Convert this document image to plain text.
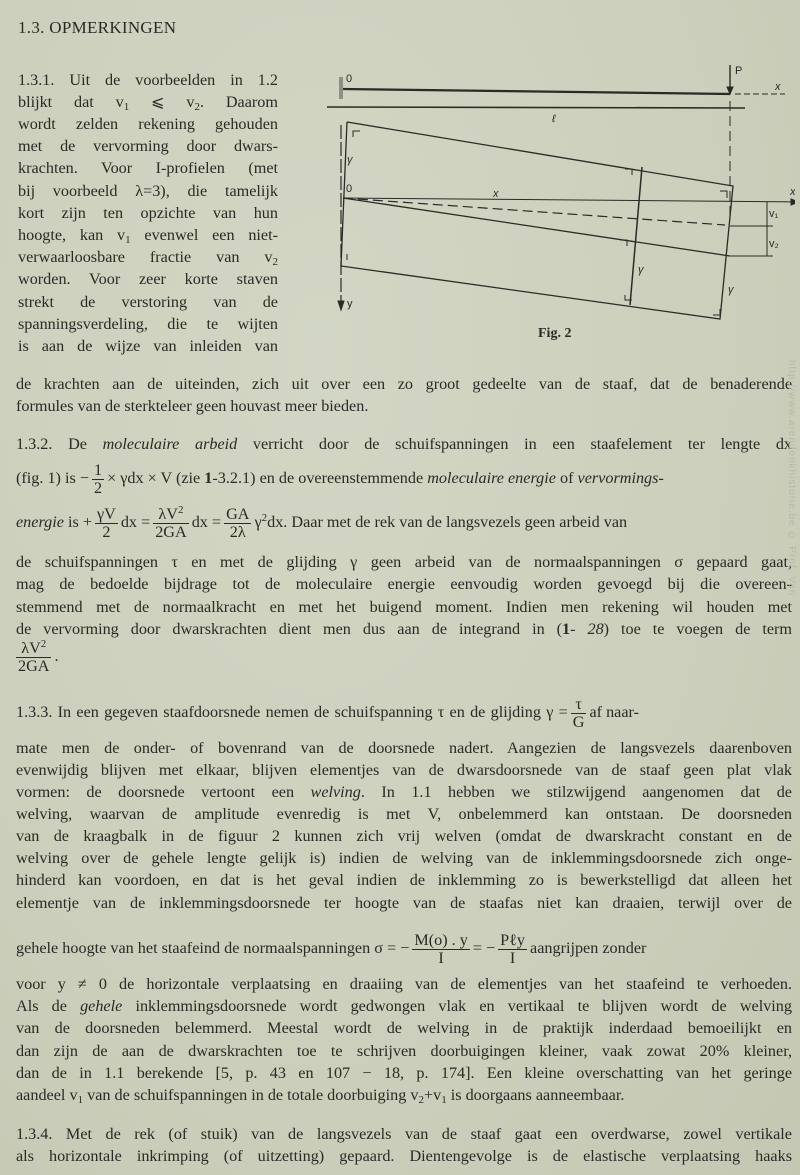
1.3. OPMERKINGEN
1.3.1. Uit de voorbeelden in 1.2
blijkt dat $v_1$ ⩽ $v_2$. Daarom
wordt zelden rekening gehouden
met de vervorming door dwars-
krachten. Voor I-profielen (met
bij voorbeeld λ=3), die tamelijk
kort zijn ten opzichte van hun
hoogte, kan $v_1$ evenwel een niet-
verwaarloosbare fractie van $v_2$
worden. Voor zeer korte staven
strekt de verstoring van de
spanningsverdeling, die te wijten
is aan de wijze van inleiden van
de krachten aan de uiteinden, zich uit over een zo groot gedeelte van de staaf, dat de benaderende
formules van de sterkteleer geen houvast meer bieden.
0
P
x
ℓ
γ
0	x	x
v₁
v₂
γ
γ
y
Fig. 2
1.3.2. De moleculaire arbeid verricht door de schuifspanningen in een staafelement ter lengte dx
(fig. 1) is − $\frac{1}{2} \times \gamma dx \times V$ (zie 1-3.2.1) en de overeenstemmende moleculaire energie of vervormings-
energie is + $\frac{\gamma V}{2}$ dx = $\frac{\lambda V^2}{2GA}$ dx = $\frac{GA}{2\lambda} \gamma^2dx$. Daar met de rek van de langsvezels geen arbeid van
de schuifspanningen τ en met de glijding γ geen arbeid van de normaalspanningen σ gepaard gaat,
mag de bedoelde bijdrage tot de moleculaire energie eenvoudig worden gevoegd bij die overeen-
stemmend met de normaalkracht en met het buigend moment. Indien men rekening wil houden met
de vervorming door dwarskrachten dient men dus aan de integrand in (1- 28) toe te voegen de term
$\frac{\lambda V^2}{2GA}$ .
1.3.3. In een gegeven staafdoorsnede nemen de schuifspanning τ en de glijding $\gamma = \frac{\tau}{G}$ af naar-
mate men de onder- of bovenrand van de doorsnede nadert. Aangezien de langsvezels daarenboven
evenwijdig blijven met elkaar, blijven elementjes van de dwarsdoorsnede van de staaf geen plat vlak
vormen: de doorsnede vertoont een welving. In 1.1 hebben we stilzwijgend aangenomen dat de
welving, waarvan de amplitude evenredig is met V, onbelemmerd kan ontstaan. De doorsneden
van de kraagbalk in de figuur 2 kunnen zich vrij welven (omdat de dwarskracht constant en de
welving over de gehele lengte gelijk is) indien de welving van de inklemmingsdoorsnede zich onge-
hinderd kan voordoen, en dat is het geval indien de inklemming zo is bewerkstelligd dat alleen het
elementje van de inklemmingsdoorsnede ter hoogte van de staafas niet kan draaien, terwijl over de
gehele hoogte van het staafeind de normaalspanningen σ = − $\frac{M(o) . y}{I}$ = − $\frac{\text{Pℓy}}{I}$ aangrijpen zonder
voor y ≠ 0 de horizontale verplaatsing en draaiing van de elementjes van het staafeind te verhoeden.
Als de gehele inklemmingsdoorsnede wordt gedwongen vlak en vertikaal te blijven wordt de welving
van de doorsneden belemmerd. Meestal wordt de welving in de praktijk inderdaad bemoeilijkt en
dan zijn de aan de dwarskrachten toe te schrijven doorbuigingen kleiner, vaak zowat 20% kleiner,
dan de in 1.1 berekende [5, p. 43 en 107 − 18, p. 174]. Een kleine overschatting van het geringe
aandeel $v_1$ van de schuifspanningen in de totale doorbuiging $v_2+v_1$ is doorgaans aanneembaar.
1.3.4. Met de rek (of stuik) van de langsvezels van de staaf gaat een overdwarse, zowel vertikale
als horizontale inkrimping (of uitzetting) gepaard. Dientengevolge is de elastische verplaatsing haaks
http://www.arendonkhistorie.be © Prof. Van
